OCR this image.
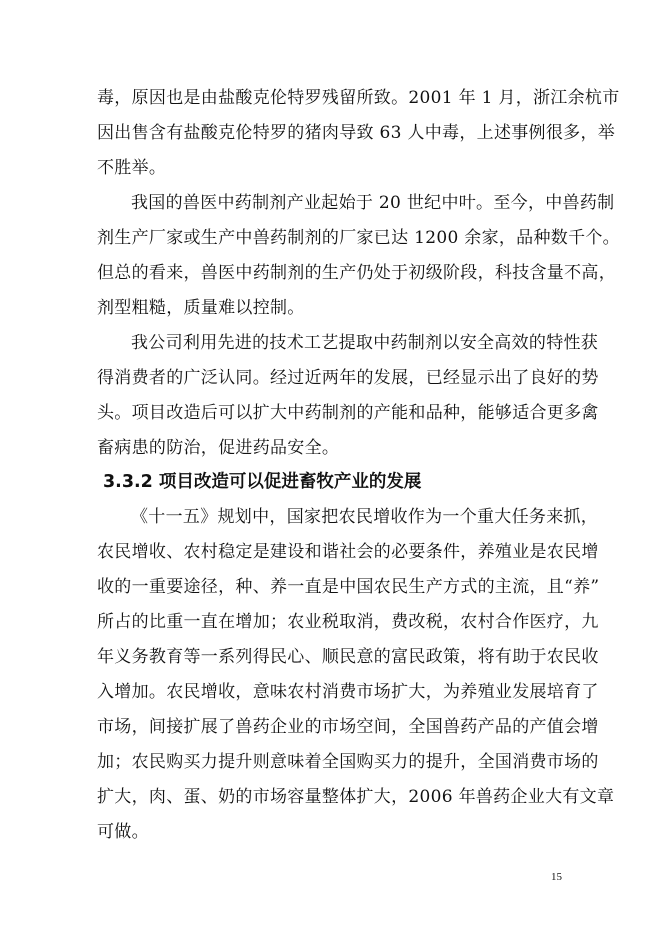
毒，原因也是由盐酸克伦特罗残留所致。2001 年 1 月，浙江余杭市
因出售含有盐酸克伦特罗的猪肉导致 63 人中毒，上述事例很多，举
不胜举。
我国的兽医中药制剂产业起始于 20 世纪中叶。至今，中兽药制
剂生产厂家或生产中兽药制剂的厂家已达 1200 余家，品种数千个。
但总的看来，兽医中药制剂的生产仍处于初级阶段，科技含量不高，
剂型粗糙，质量难以控制。
我公司利用先进的技术工艺提取中药制剂以安全高效的特性获
得消费者的广泛认同。经过近两年的发展，已经显示出了良好的势
头。项目改造后可以扩大中药制剂的产能和品种，能够适合更多禽
畜病患的防治，促进药品安全。
3.3.2 项目改造可以促进畜牧产业的发展
《十一五》规划中，国家把农民增收作为一个重大任务来抓，
农民增收、农村稳定是建设和谐社会的必要条件，养殖业是农民增
收的一重要途径，种、养一直是中国农民生产方式的主流，且“养”
所占的比重一直在增加；农业税取消，费改税，农村合作医疗，九
年义务教育等一系列得民心、顺民意的富民政策，将有助于农民收
入增加。农民增收，意味农村消费市场扩大，为养殖业发展培育了
市场，间接扩展了兽药企业的市场空间，全国兽药产品的产值会增
加；农民购买力提升则意味着全国购买力的提升，全国消费市场的
扩大，肉、蛋、奶的市场容量整体扩大，2006 年兽药企业大有文章
可做。
15
